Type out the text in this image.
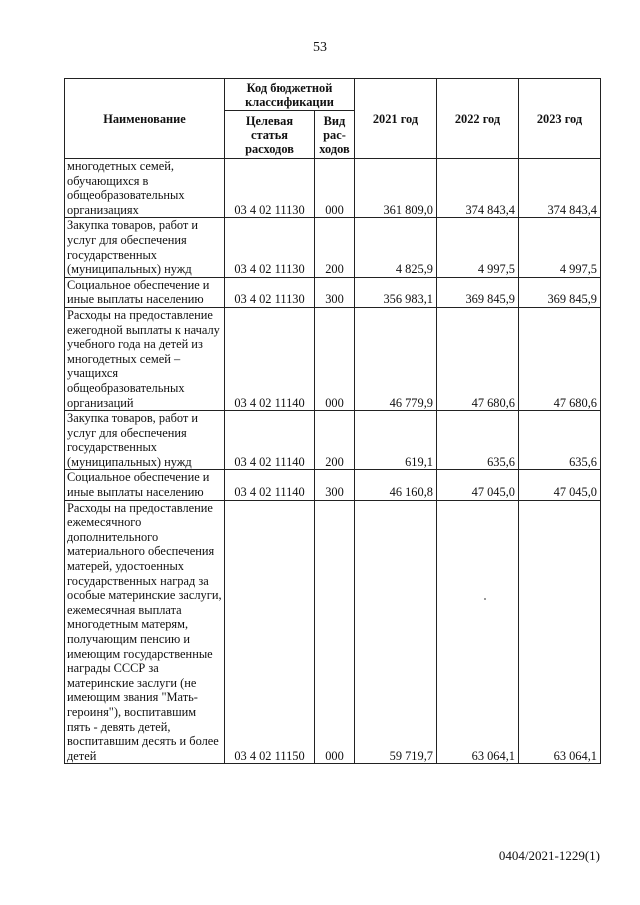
53
Наименование	Код бюджетной классификации		2021 год	2022 год	2023 год
	Целевая статья расходов	Вид рас-ходов			
многодетных семей, обучающихся в общеобразовательных организациях	03 4 02 11130	000	361 809,0	374 843,4	374 843,4
Закупка товаров, работ и услуг для обеспечения государственных (муниципальных) нужд	03 4 02 11130	200	4 825,9	4 997,5	4 997,5
Социальное обеспечение и иные выплаты населению	03 4 02 11130	300	356 983,1	369 845,9	369 845,9
Расходы на предоставление ежегодной выплаты к началу учебного года на детей из многодетных семей – учащихся общеобразовательных организаций	03 4 02 11140	000	46 779,9	47 680,6	47 680,6
Закупка товаров, работ и услуг для обеспечения государственных (муниципальных) нужд	03 4 02 11140	200	619,1	635,6	635,6
Социальное обеспечение и иные выплаты населению	03 4 02 11140	300	46 160,8	47 045,0	47 045,0
Расходы на предоставление ежемесячного дополнительного материального обеспечения матерей, удостоенных государственных наград за особые материнские заслуги, ежемесячная выплата многодетным матерям, получающим пенсию и имеющим государственные награды СССР за материнские заслуги (не имеющим звания "Мать-героиня"), воспитавшим пять - девять детей, воспитавшим десять и более детей	03 4 02 11150	000	59 719,7	63 064,1	63 064,1
0404/2021-1229(1)
